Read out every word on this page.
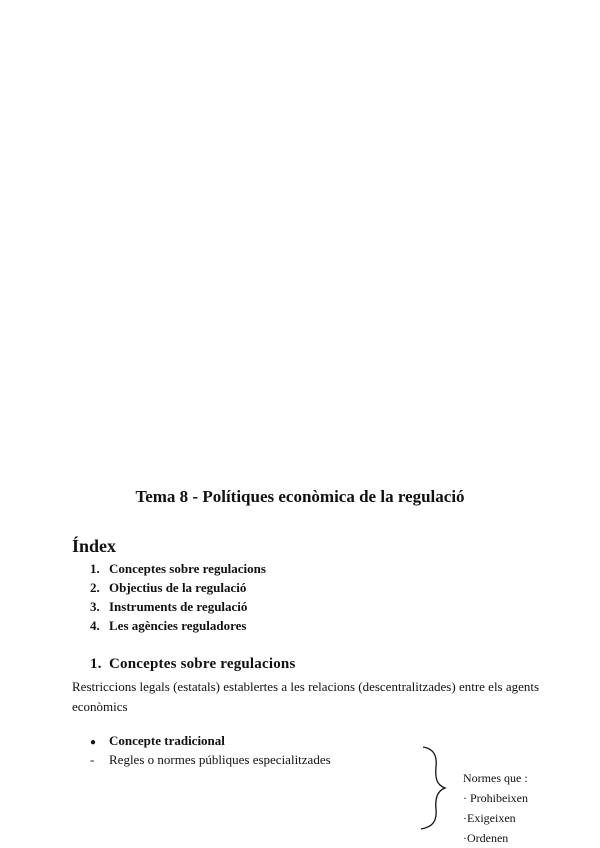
Tema 8 - Polítiques econòmica de la regulació
Índex
1. Conceptes sobre regulacions
2. Objectius de la regulació
3. Instruments de regulació
4. Les agències reguladores
1. Conceptes sobre regulacions
Restriccions legals (estatals) establertes a les relacions (descentralitzades) entre els agents econòmics
● Concepte tradicional
- Regles o normes públiques especialitzades
Normes que :
· Prohibeixen
·Exigeixen
·Ordenen
